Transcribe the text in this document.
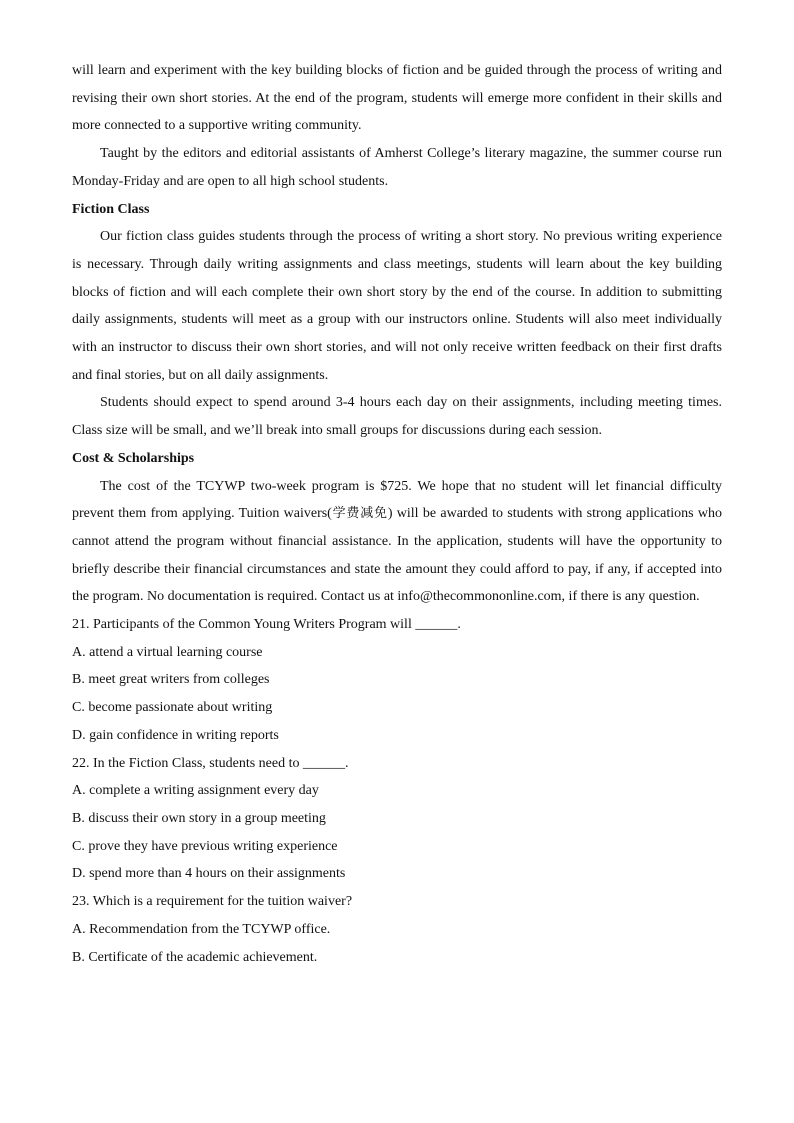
will learn and experiment with the key building blocks of fiction and be guided through the process of writing and revising their own short stories. At the end of the program, students will emerge more confident in their skills and more connected to a supportive writing community.

Taught by the editors and editorial assistants of Amherst College’s literary magazine, the summer course run Monday-Friday and are open to all high school students.

Fiction Class

Our fiction class guides students through the process of writing a short story. No previous writing experience is necessary. Through daily writing assignments and class meetings, students will learn about the key building blocks of fiction and will each complete their own short story by the end of the course. In addition to submitting daily assignments, students will meet as a group with our instructors online. Students will also meet individually with an instructor to discuss their own short stories, and will not only receive written feedback on their first drafts and final stories, but on all daily assignments.

Students should expect to spend around 3-4 hours each day on their assignments, including meeting times. Class size will be small, and we’ll break into small groups for discussions during each session.

Cost & Scholarships

The cost of the TCYWP two-week program is $725. We hope that no student will let financial difficulty prevent them from applying. Tuition waivers(学费减免) will be awarded to students with strong applications who cannot attend the program without financial assistance. In the application, students will have the opportunity to briefly describe their financial circumstances and state the amount they could afford to pay, if any, if accepted into the program. No documentation is required. Contact us at info@thecommononline.com, if there is any question.

21. Participants of the Common Young Writers Program will ______.

A. attend a virtual learning course

B. meet great writers from colleges

C. become passionate about writing

D. gain confidence in writing reports

22. In the Fiction Class, students need to ______.

A. complete a writing assignment every day

B. discuss their own story in a group meeting

C. prove they have previous writing experience

D. spend more than 4 hours on their assignments

23. Which is a requirement for the tuition waiver?

A. Recommendation from the TCYWP office.

B. Certificate of the academic achievement.
